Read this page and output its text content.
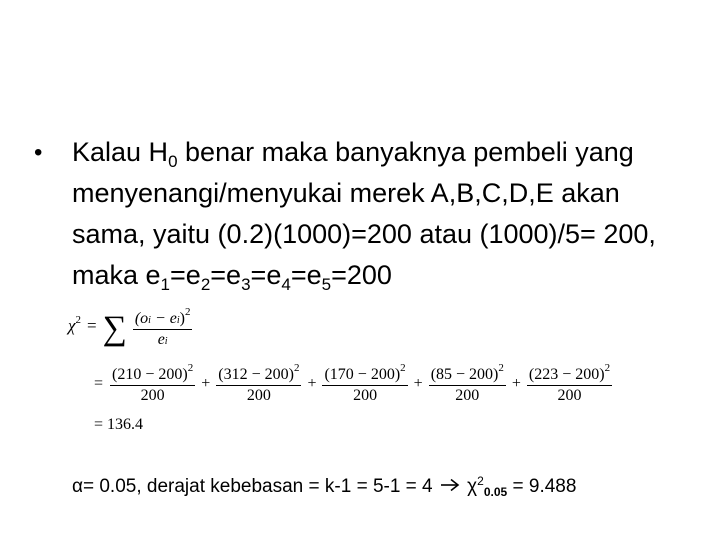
• Kalau $H_0$ benar maka banyaknya pembeli yang menyenangi/menyukai merek A,B,C,D,E akan sama, yaitu (0.2)(1000)=200 atau (1000)/5= 200, maka $e_1=e_2=e_3=e_4=e_5=200$
$\chi^2$ = ∑ $\frac{(oi - ei)^2}{ei}$
= $\frac{(210 - 200)^2}{200} + \frac{(312 - 200)^2}{200} + \frac{(170 - 200)^2}{200} + \frac{(85 - 200)^2}{200} + \frac{(223 - 200)^2}{200}$
= 136.4
α= 0.05, derajat kebebasan = k-1 = 5-1 = 4  $\chi^2_{0.05} = 9.488$
